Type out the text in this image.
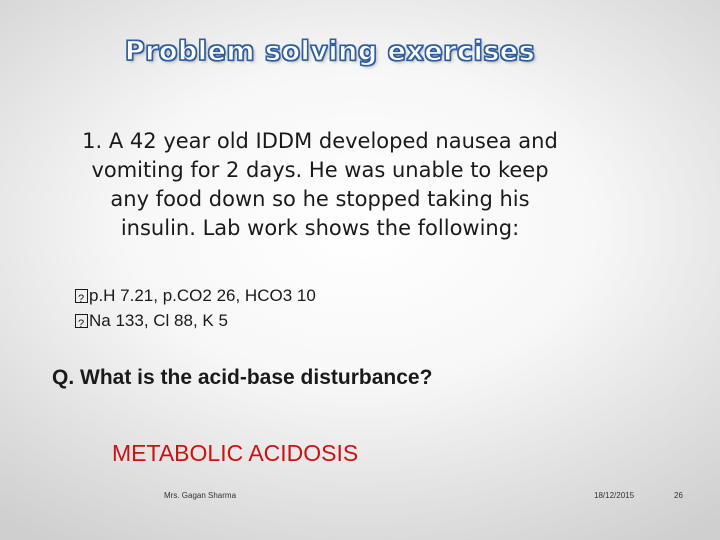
Problem solving exercises
1. A 42 year old IDDM developed nausea and
vomiting for 2 days. He was unable to keep
any food down so he stopped taking his
insulin. Lab work shows the following:
?p.H 7.21, p.CO2 26, HCO3 10
?Na 133, Cl 88, K 5
Q. What is the acid-base disturbance?
METABOLIC ACIDOSIS
Mrs. Gagan Sharma	18/12/2015	26
